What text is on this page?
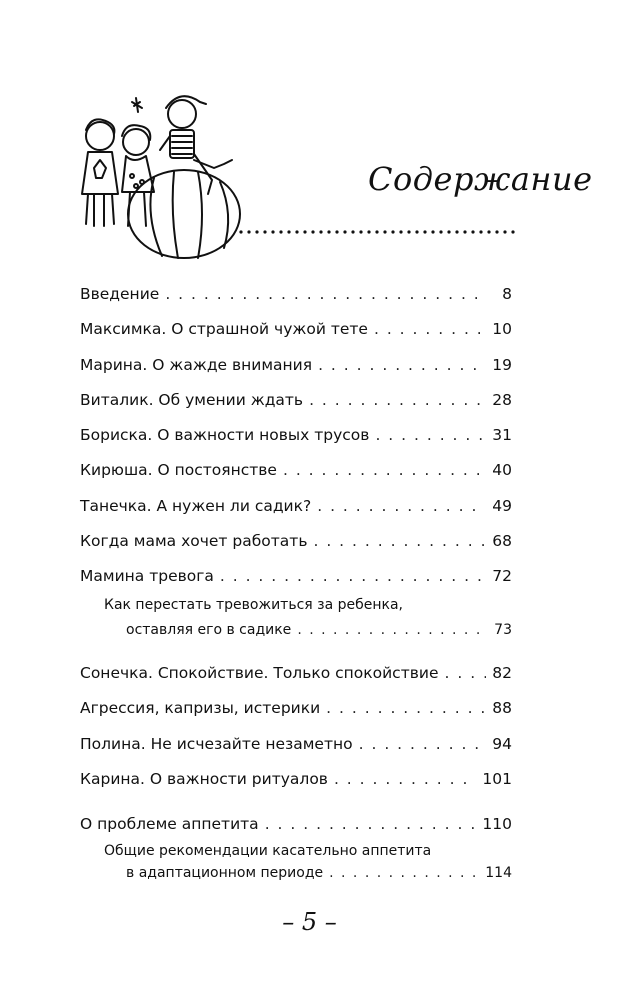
Содержание
Введение . . .	8
Максимка. О страшной чужой тете . . .	10
Марина. О жажде внимания . . .	19
Виталик. Об умении ждать . . .	28
Бориска. О важности новых трусов . . .	31
Кирюша. О постоянстве . . .	40
Танечка. А нужен ли садик? . . .	49
Когда мама хочет работать . . .	68
Мамина тревога . . .	72
Как перестать тревожиться за ребенка,
оставляя его в садике . . .	73
Сонечка. Спокойствие. Только спокойствие . . .	82
Агрессия, капризы, истерики . . .	88
Полина. Не исчезайте незаметно . . .	94
Карина. О важности ритуалов . . .	101
О проблеме аппетита . . .	110
Общие рекомендации касательно аппетита
в адаптационном периоде . . .	114
– 5 –
